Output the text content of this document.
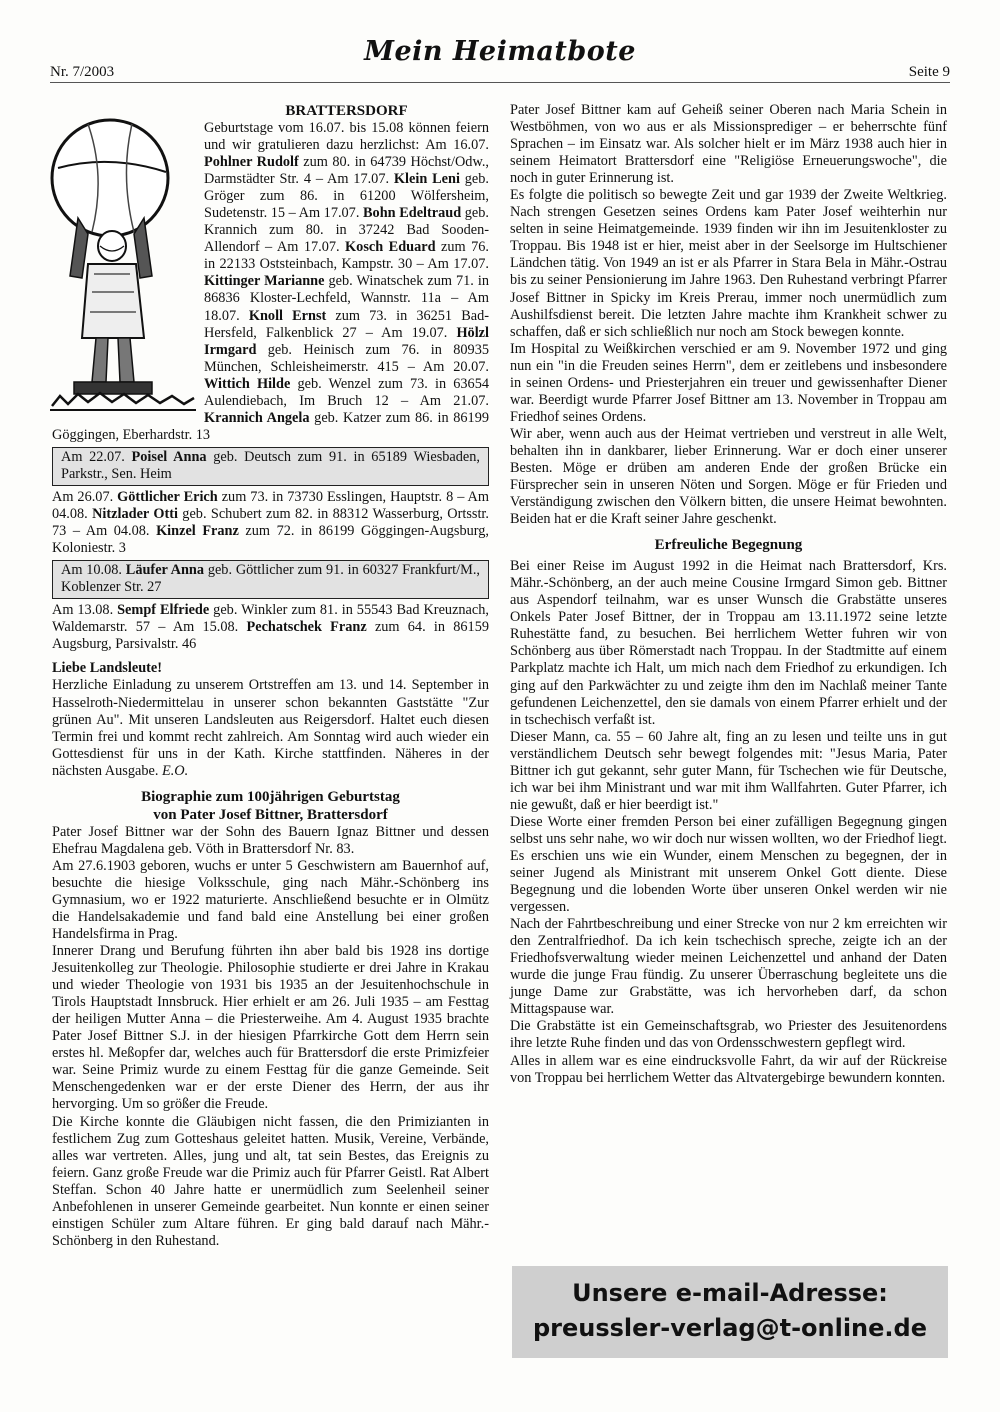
Nr. 7/2003
Mein Heimatbote
Seite 9
BRATTERSDORF

Geburtstage vom 16.07. bis 15.08 können feiern und wir gratulieren dazu herzlichst: Am 16.07. Pohlner Rudolf zum 80. in 64739 Höchst/Odw., Darmstädter Str. 4 – Am 17.07. Klein Leni geb. Gröger zum 86. in 61200 Wölfersheim, Sudetenstr. 15 – Am 17.07. Bohn Edeltraud geb. Krannich zum 80. in 37242 Bad Sooden-Allendorf – Am 17.07. Kosch Eduard zum 76. in 22133 Oststeinbach, Kampstr. 30 – Am 17.07. Kittinger Marianne geb. Winatschek zum 71. in 86836 Kloster-Lechfeld, Wannstr. 11a – Am 18.07. Knoll Ernst zum 73. in 36251 Bad-Hersfeld, Falkenblick 27 – Am 19.07. Hölzl Irmgard geb. Heinisch zum 76. in 80935 München, Schleisheimerstr. 415 – Am 20.07. Wittich Hilde geb. Wenzel zum 73. in 63654 Aulendiebach, Im Bruch 12 – Am 21.07. Krannich Angela geb. Katzer zum 86. in 86199 Göggingen, Eberhardstr. 13

Am 22.07. Poisel Anna geb. Deutsch zum 91. in 65189 Wiesbaden, Parkstr., Sen. Heim

Am 26.07. Göttlicher Erich zum 73. in 73730 Esslingen, Hauptstr. 8 – Am 04.08. Nitzlader Otti geb. Schubert zum 82. in 88312 Wasserburg, Ortsstr. 73 – Am 04.08. Kinzel Franz zum 72. in 86199 Göggingen-Augsburg, Koloniestr. 3

Am 10.08. Läufer Anna geb. Göttlicher zum 91. in 60327 Frankfurt/M., Koblenzer Str. 27

Am 13.08. Sempf Elfriede geb. Winkler zum 81. in 55543 Bad Kreuznach, Waldemarstr. 57 – Am 15.08. Pechatschek Franz zum 64. in 86159 Augsburg, Parsivalstr. 46

Liebe Landsleute!

Herzliche Einladung zu unserem Ortstreffen am 13. und 14. September in Hasselroth-Niedermittelau in unserer schon bekannten Gaststätte "Zur grünen Au". Mit unseren Landsleuten aus Reigersdorf. Haltet euch diesen Termin frei und kommt recht zahlreich. Am Sonntag wird auch wieder ein Gottesdienst für uns in der Kath. Kirche stattfinden. Näheres in der nächsten Ausgabe. E.O.

Biographie zum 100jährigen Geburtstag
von Pater Josef Bittner, Brattersdorf

Pater Josef Bittner war der Sohn des Bauern Ignaz Bittner und dessen Ehefrau Magdalena geb. Vöth in Brattersdorf Nr. 83.

Am 27.6.1903 geboren, wuchs er unter 5 Geschwistern am Bauernhof auf, besuchte die hiesige Volksschule, ging nach Mähr.-Schönberg ins Gymnasium, wo er 1922 maturierte. Anschließend besuchte er in Olmütz die Handelsakademie und fand bald eine Anstellung bei einer großen Handelsfirma in Prag.

Innerer Drang und Berufung führten ihn aber bald bis 1928 ins dortige Jesuitenkolleg zur Theologie. Philosophie studierte er drei Jahre in Krakau und wieder Theologie von 1931 bis 1935 an der Jesuitenhochschule in Tirols Hauptstadt Innsbruck. Hier erhielt er am 26. Juli 1935 – am Festtag der heiligen Mutter Anna – die Priesterweihe. Am 4. August 1935 brachte Pater Josef Bittner S.J. in der hiesigen Pfarrkirche Gott dem Herrn sein erstes hl. Meßopfer dar, welches auch für Brattersdorf die erste Primizfeier war. Seine Primiz wurde zu einem Festtag für die ganze Gemeinde. Seit Menschengedenken war er der erste Diener des Herrn, der aus ihr hervorging. Um so größer die Freude.

Die Kirche konnte die Gläubigen nicht fassen, die den Primizianten in festlichem Zug zum Gotteshaus geleitet hatten. Musik, Vereine, Verbände, alles war vertreten. Alles, jung und alt, tat sein Bestes, das Ereignis zu feiern. Ganz große Freude war die Primiz auch für Pfarrer Geistl. Rat Albert Steffan. Schon 40 Jahre hatte er unermüdlich zum Seelenheil seiner Anbefohlenen in unserer Gemeinde gearbeitet. Nun konnte er einen seiner einstigen Schüler zum Altare führen. Er ging bald darauf nach Mähr.-Schönberg in den Ruhestand.

Pater Josef Bittner kam auf Geheiß seiner Oberen nach Maria Schein in Westböhmen, von wo aus er als Missionsprediger – er beherrschte fünf Sprachen – im Einsatz war. Als solcher hielt er im März 1938 auch hier in seinem Heimatort Brattersdorf eine "Religiöse Erneuerungswoche", die noch in guter Erinnerung ist.

Es folgte die politisch so bewegte Zeit und gar 1939 der Zweite Weltkrieg. Nach strengen Gesetzen seines Ordens kam Pater Josef weihterhin nur selten in seine Heimatgemeinde. 1939 finden wir ihn im Jesuitenkloster zu Troppau. Bis 1948 ist er hier, meist aber in der Seelsorge im Hultschiener Ländchen tätig. Von 1949 an ist er als Pfarrer in Stara Bela in Mähr.-Ostrau bis zu seiner Pensionierung im Jahre 1963. Den Ruhestand verbringt Pfarrer Josef Bittner in Spicky im Kreis Prerau, immer noch unermüdlich zum Aushilfsdienst bereit. Die letzten Jahre machte ihm Krankheit schwer zu schaffen, daß er sich schließlich nur noch am Stock bewegen konnte.

Im Hospital zu Weißkirchen verschied er am 9. November 1972 und ging nun ein "in die Freuden seines Herrn", dem er zeitlebens und insbesondere in seinen Ordens- und Priesterjahren ein treuer und gewissenhafter Diener war. Beerdigt wurde Pfarrer Josef Bittner am 13. November in Troppau am Friedhof seines Ordens.

Wir aber, wenn auch aus der Heimat vertrieben und verstreut in alle Welt, behalten ihn in dankbarer, lieber Erinnerung. War er doch einer unserer Besten. Möge er drüben am anderen Ende der großen Brücke ein Fürsprecher sein in unseren Nöten und Sorgen. Möge er für Frieden und Verständigung zwischen den Völkern bitten, die unsere Heimat bewohnten. Beiden hat er die Kraft seiner Jahre geschenkt.

Erfreuliche Begegnung

Bei einer Reise im August 1992 in die Heimat nach Brattersdorf, Krs. Mähr.-Schönberg, an der auch meine Cousine Irmgard Simon geb. Bittner aus Aspendorf teilnahm, war es unser Wunsch die Grabstätte unseres Onkels Pater Josef Bittner, der in Troppau am 13.11.1972 seine letzte Ruhestätte fand, zu besuchen. Bei herrlichem Wetter fuhren wir von Schönberg aus über Römerstadt nach Troppau. In der Stadtmitte auf einem Parkplatz machte ich Halt, um mich nach dem Friedhof zu erkundigen. Ich ging auf den Parkwächter zu und zeigte ihm den im Nachlaß meiner Tante gefundenen Leichenzettel, den sie damals von einem Pfarrer erhielt und der in tschechisch verfaßt ist.

Dieser Mann, ca. 55 – 60 Jahre alt, fing an zu lesen und teilte uns in gut verständlichem Deutsch sehr bewegt folgendes mit: "Jesus Maria, Pater Bittner ich gut gekannt, sehr guter Mann, für Tschechen wie für Deutsche, ich war bei ihm Ministrant und war mit ihm Wallfahrten. Guter Pfarrer, ich nie gewußt, daß er hier beerdigt ist."

Diese Worte einer fremden Person bei einer zufälligen Begegnung gingen selbst uns sehr nahe, wo wir doch nur wissen wollten, wo der Friedhof liegt. Es erschien uns wie ein Wunder, einem Menschen zu begegnen, der in seiner Jugend als Ministrant mit unserem Onkel Gott diente. Diese Begegnung und die lobenden Worte über unseren Onkel werden wir nie vergessen.

Nach der Fahrtbeschreibung und einer Strecke von nur 2 km erreichten wir den Zentralfriedhof. Da ich kein tschechisch spreche, zeigte ich an der Friedhofsverwaltung wieder meinen Leichenzettel und anhand der Daten wurde die junge Frau fündig. Zu unserer Überraschung begleitete uns die junge Dame zur Grabstätte, was ich hervorheben darf, da schon Mittagspause war.

Die Grabstätte ist ein Gemeinschaftsgrab, wo Priester des Jesuitenordens ihre letzte Ruhe finden und das von Ordensschwestern gepflegt wird.

Alles in allem war es eine eindrucksvolle Fahrt, da wir auf der Rückreise von Troppau bei herrlichem Wetter das Altvatergebirge bewundern konnten.

Unsere e-mail-Adresse:
preussler-verlag@t-online.de
